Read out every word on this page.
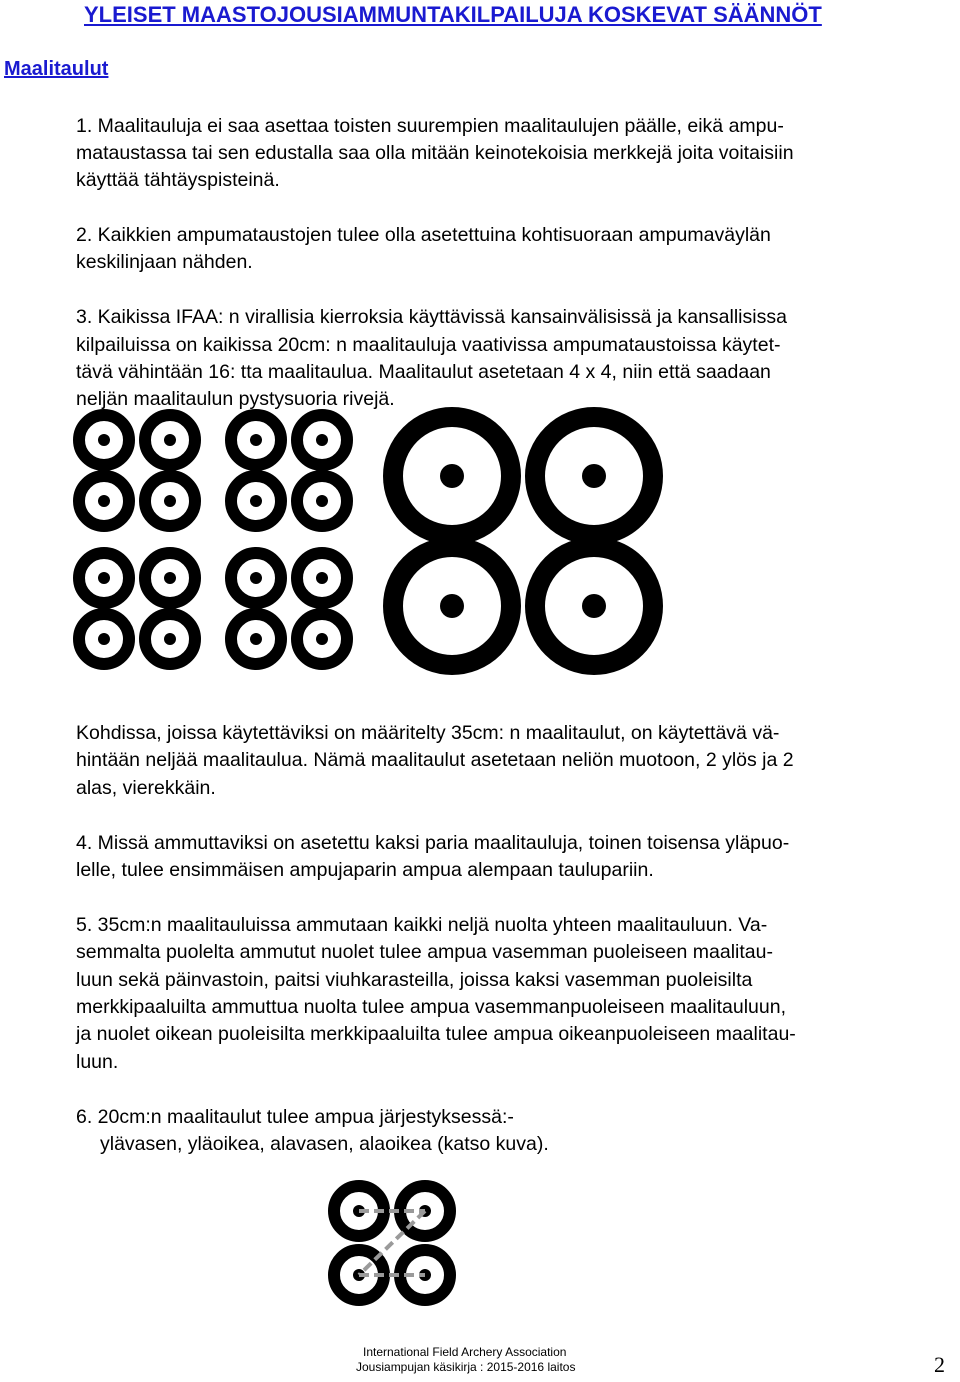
YLEISET MAASTOJOUSIAMMUNTAKILPAILUJA KOSKEVAT SÄÄNNÖT
Maalitaulut
1. Maalitauluja ei saa asettaa toisten suurempien maalitaulujen päälle, eikä ampu-
mataustassa tai sen edustalla saa olla mitään keinotekoisia merkkejä joita voitaisiin
käyttää tähtäyspisteinä.
2. Kaikkien ampumataustojen tulee olla asetettuina kohtisuoraan ampumaväylän
keskilinjaan nähden.
3. Kaikissa IFAA: n virallisia kierroksia käyttävissä kansainvälisissä ja kansallisissa
kilpailuissa on kaikissa 20cm: n maalitauluja vaativissa ampumataustoissa käytet-
tävä vähintään 16: tta maalitaulua. Maalitaulut asetetaan 4 x 4, niin että saadaan
neljän maalitaulun pystysuoria rivejä.
Kohdissa, joissa käytettäviksi on määritelty 35cm: n maalitaulut, on käytettävä vä-
hintään neljää maalitaulua. Nämä maalitaulut asetetaan neliön muotoon, 2 ylös ja 2
alas, vierekkäin.
4. Missä ammuttaviksi on asetettu kaksi paria maalitauluja, toinen toisensa yläpuo-
lelle, tulee ensimmäisen ampujaparin ampua alempaan taulupariin.
5. 35cm:n maalitauluissa ammutaan kaikki neljä nuolta yhteen maalitauluun. Va-
semmalta puolelta ammutut nuolet tulee ampua vasemman puoleiseen maalitau-
luun sekä päinvastoin, paitsi viuhkarasteilla, joissa kaksi vasemman puoleisilta
merkkipaaluilta ammuttua nuolta tulee ampua vasemmanpuoleiseen maalitauluun,
ja nuolet oikean puoleisilta merkkipaaluilta tulee ampua oikeanpuoleiseen maalitau-
luun.
6. 20cm:n maalitaulut tulee ampua järjestyksessä:-
ylävasen, yläoikea, alavasen, alaoikea (katso kuva).
International Field Archery Association
Jousiampujan käsikirja : 2015-2016 laitos	2
